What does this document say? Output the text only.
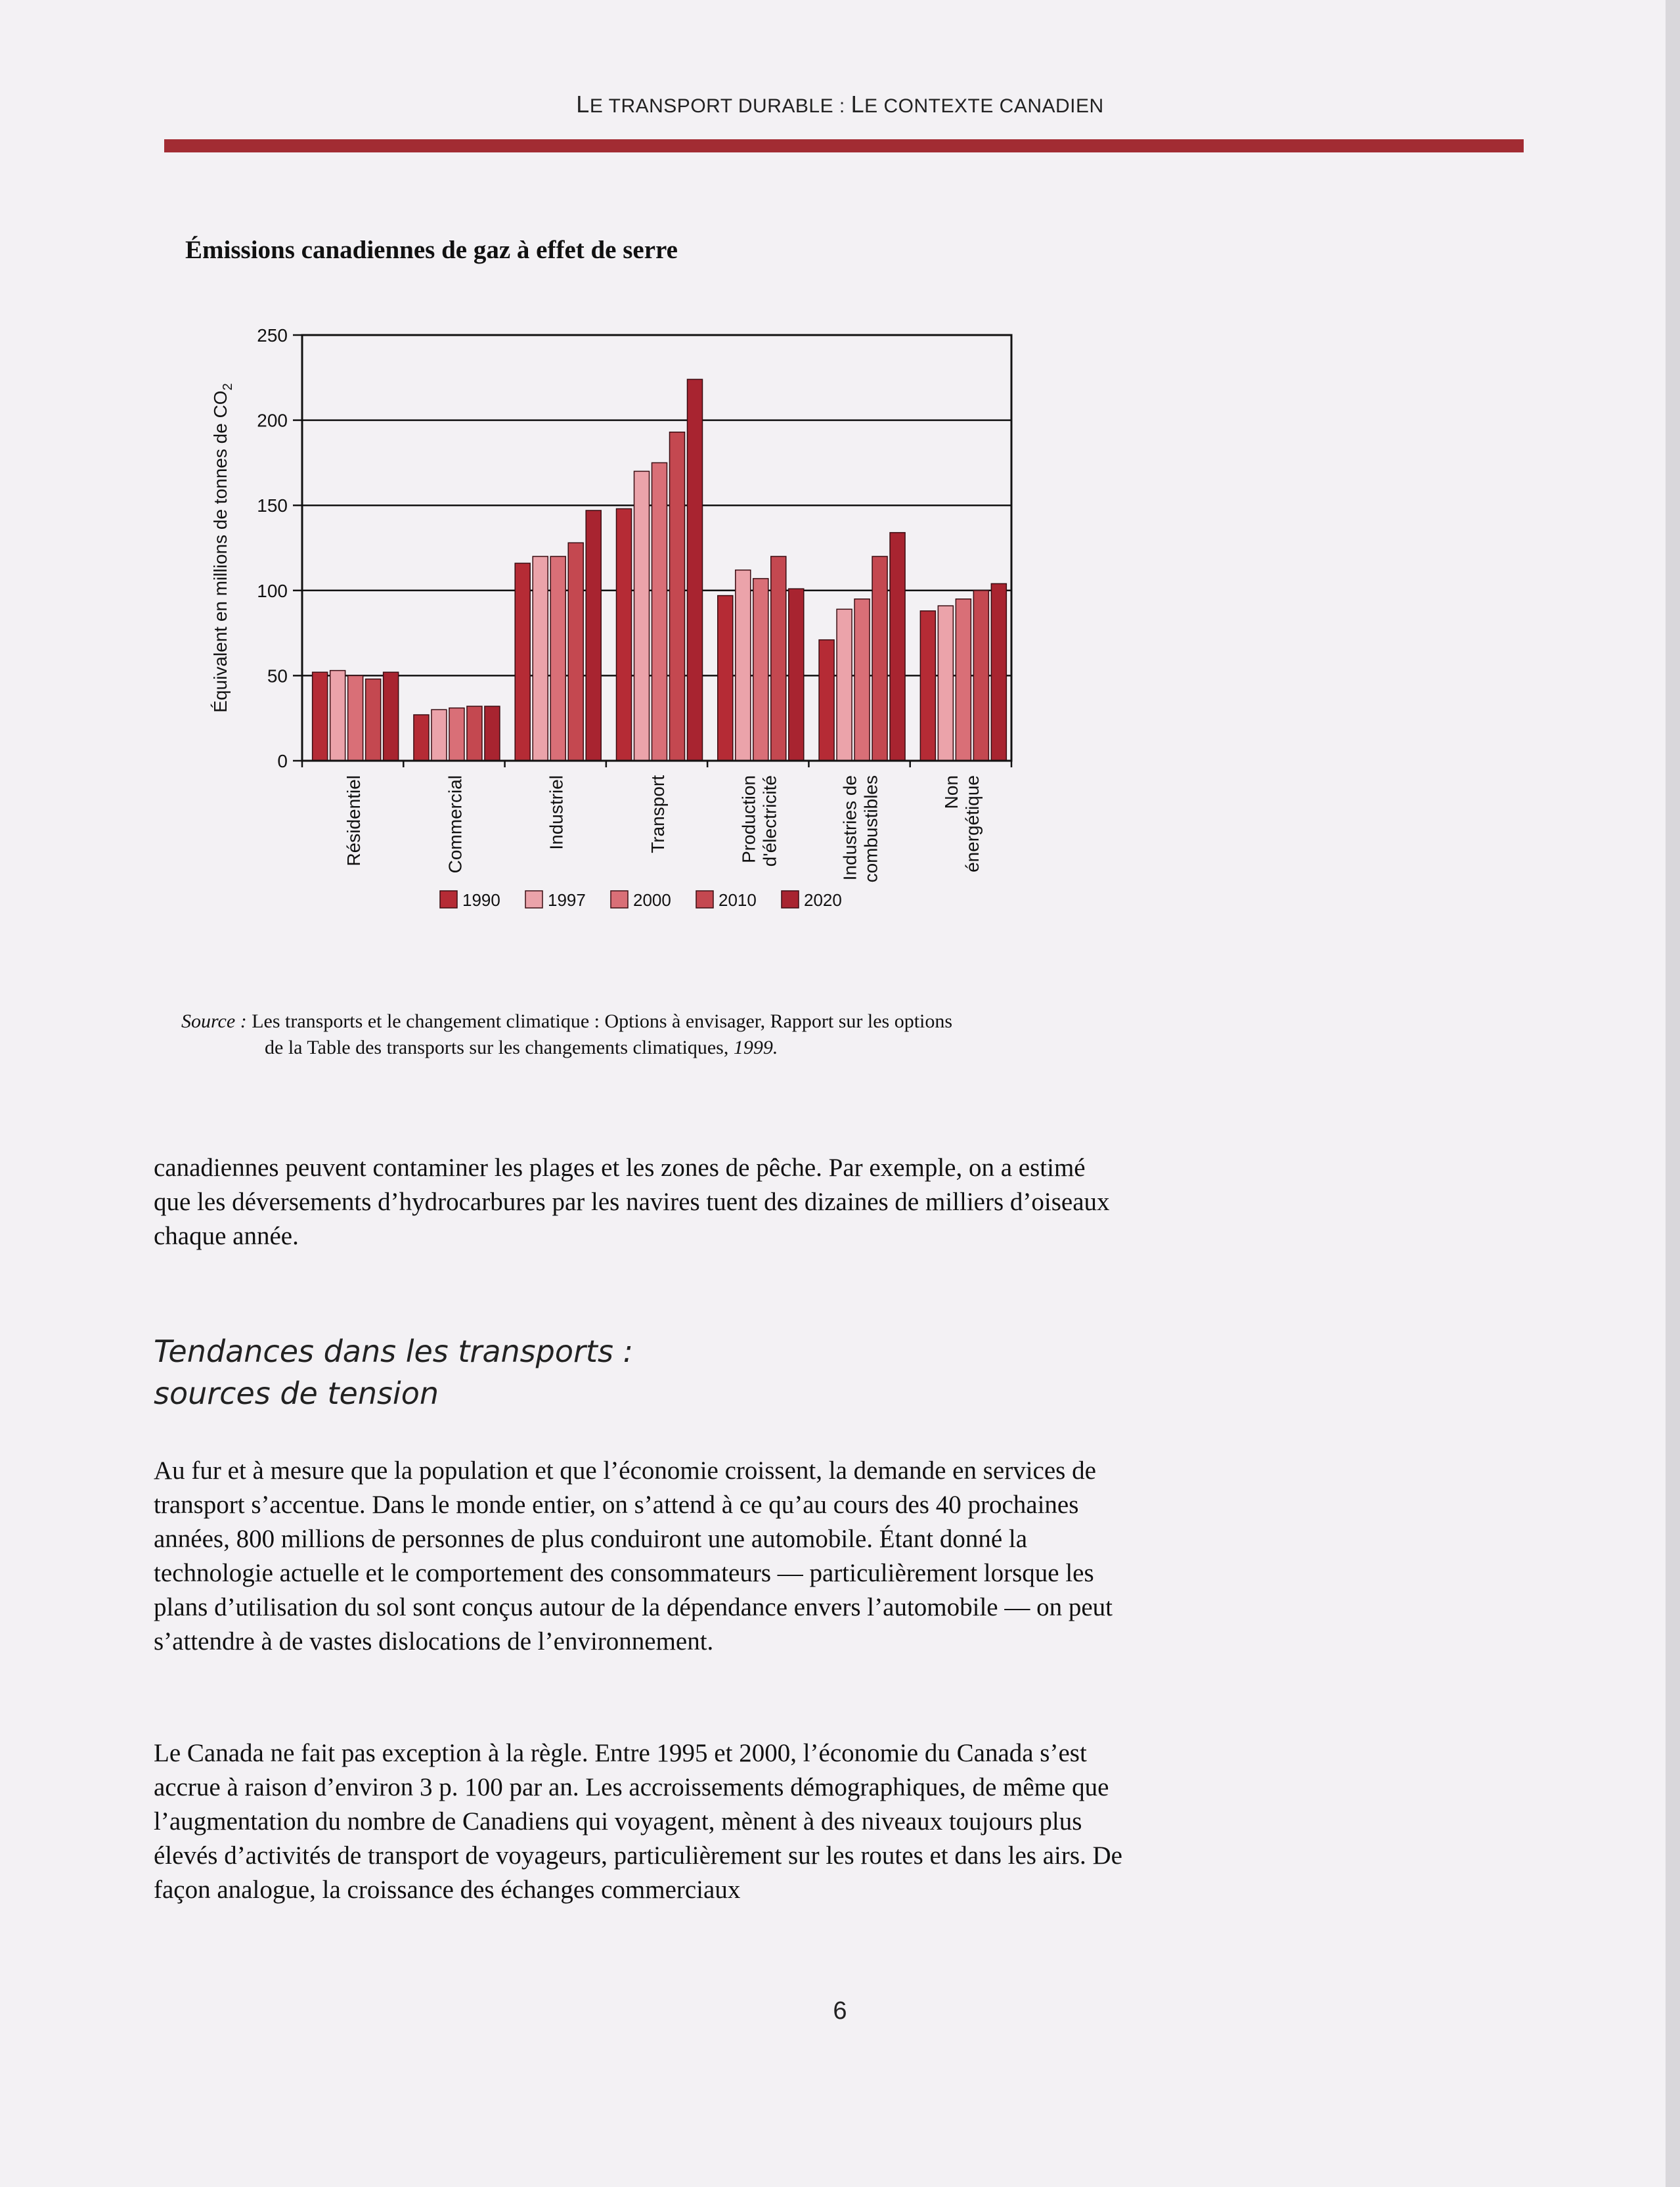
LE TRANSPORT DURABLE : LE CONTEXTE CANADIEN
Émissions canadiennes de gaz à effet de serre
0
50
100
150
200
250
Résidentiel	Commercial	Industriel	Transport	Production d'électricité	Industries de combustibles	Non énergétique
Équivalent en millions de tonnes de $CO_2$
1990	1997	2000	2010	2020
Source : Les transports et le changement climatique : Options à envisager, Rapport sur les options
de la Table des transports sur les changements climatiques, 1999.
canadiennes peuvent contaminer les plages et les zones de pêche. Par exemple, on a estimé que les déversements d’hydrocarbures par les navires tuent des dizaines de milliers d’oiseaux chaque année.
Tendances dans les transports :
sources de tension
Au fur et à mesure que la population et que l’économie croissent, la demande en services de transport s’accentue. Dans le monde entier, on s’attend à ce qu’au cours des 40 prochaines années, 800 millions de personnes de plus conduiront une automobile. Étant donné la technologie actuelle et le comportement des consommateurs — particulièrement lorsque les plans d’utilisation du sol sont conçus autour de la dépendance envers l’automobile — on peut s’attendre à de vastes dislocations de l’environnement.
Le Canada ne fait pas exception à la règle. Entre 1995 et 2000, l’économie du Canada s’est accrue à raison d’environ 3 p. 100 par an. Les accroissements démographiques, de même que l’augmentation du nombre de Canadiens qui voyagent, mènent à des niveaux toujours plus élevés d’activités de transport de voyageurs, particulièrement sur les routes et dans les airs. De façon analogue, la croissance des échanges commerciaux
6
